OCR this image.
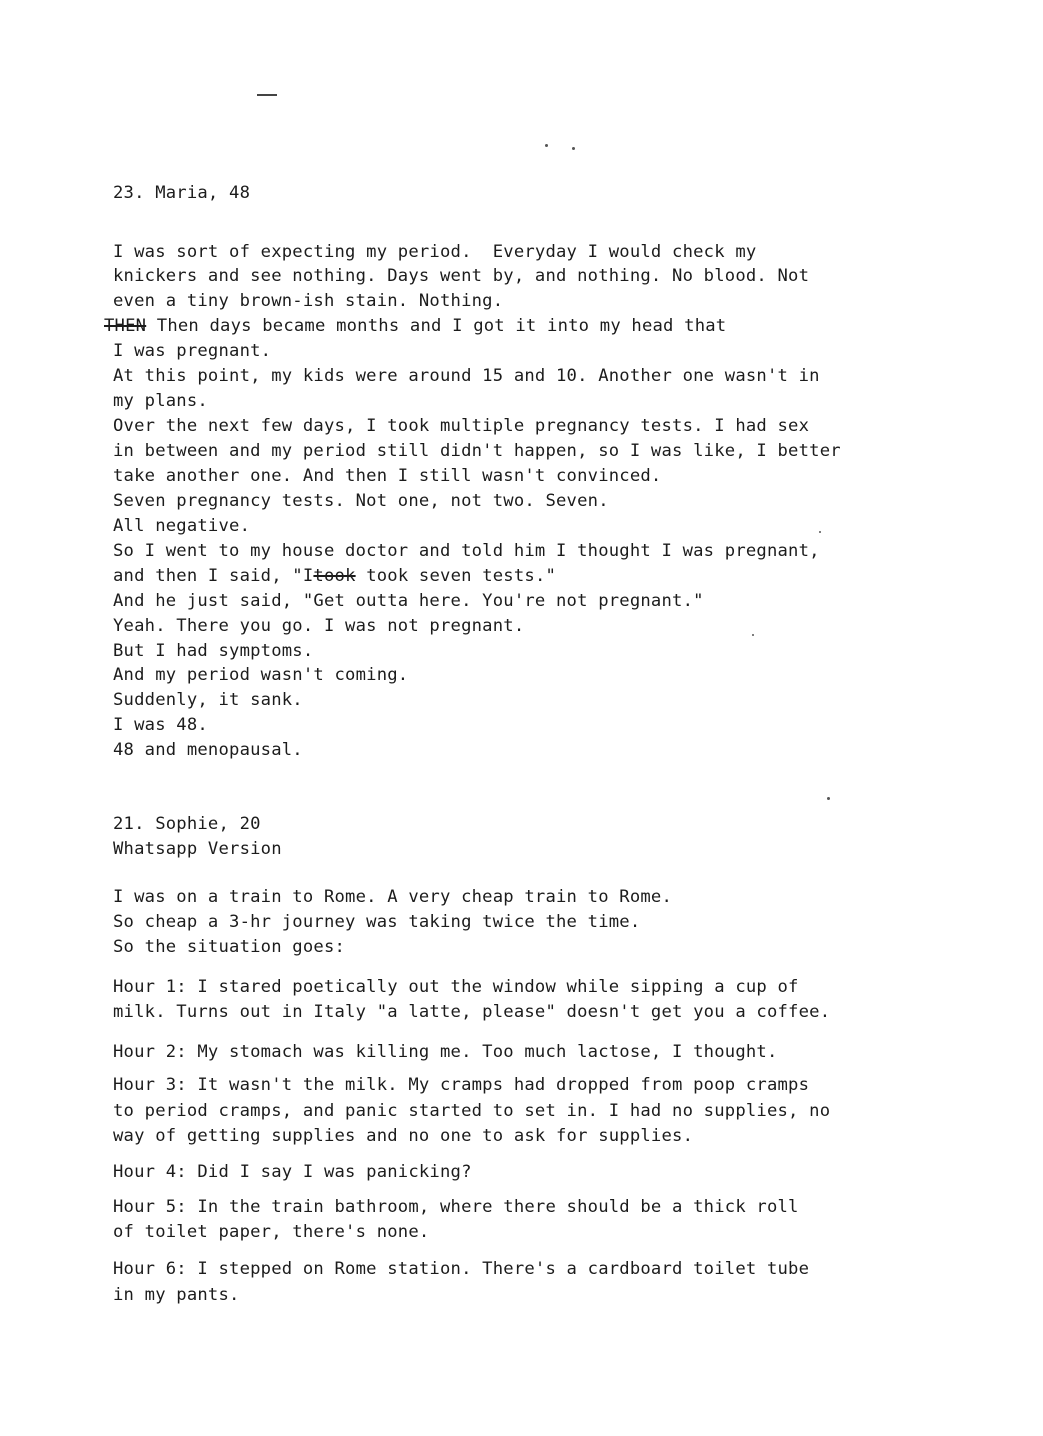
23. Maria, 48
I was sort of expecting my period.  Everyday I would check my
knickers and see nothing. Days went by, and nothing. No blood. Not
even a tiny brown-ish stain. Nothing.
THEN Then days became months and I got it into my head that
I was pregnant.
At this point, my kids were around 15 and 10. Another one wasn't in
my plans.
Over the next few days, I took multiple pregnancy tests. I had sex
in between and my period still didn't happen, so I was like, I better
take another one. And then I still wasn't convinced.
Seven pregnancy tests. Not one, not two. Seven.
All negative.
So I went to my house doctor and told him I thought I was pregnant,
and then I said, "Itook took seven tests."
And he just said, "Get outta here. You're not pregnant."
Yeah. There you go. I was not pregnant.
But I had symptoms.
And my period wasn't coming.
Suddenly, it sank.
I was 48.
48 and menopausal.
21. Sophie, 20
Whatsapp Version
I was on a train to Rome. A very cheap train to Rome.
So cheap a 3-hr journey was taking twice the time.
So the situation goes:
Hour 1: I stared poetically out the window while sipping a cup of
milk. Turns out in Italy "a latte, please" doesn't get you a coffee.
Hour 2: My stomach was killing me. Too much lactose, I thought.
Hour 3: It wasn't the milk. My cramps had dropped from poop cramps
to period cramps, and panic started to set in. I had no supplies, no
way of getting supplies and no one to ask for supplies.
Hour 4: Did I say I was panicking?
Hour 5: In the train bathroom, where there should be a thick roll
of toilet paper, there's none.
Hour 6: I stepped on Rome station. There's a cardboard toilet tube
in my pants.
